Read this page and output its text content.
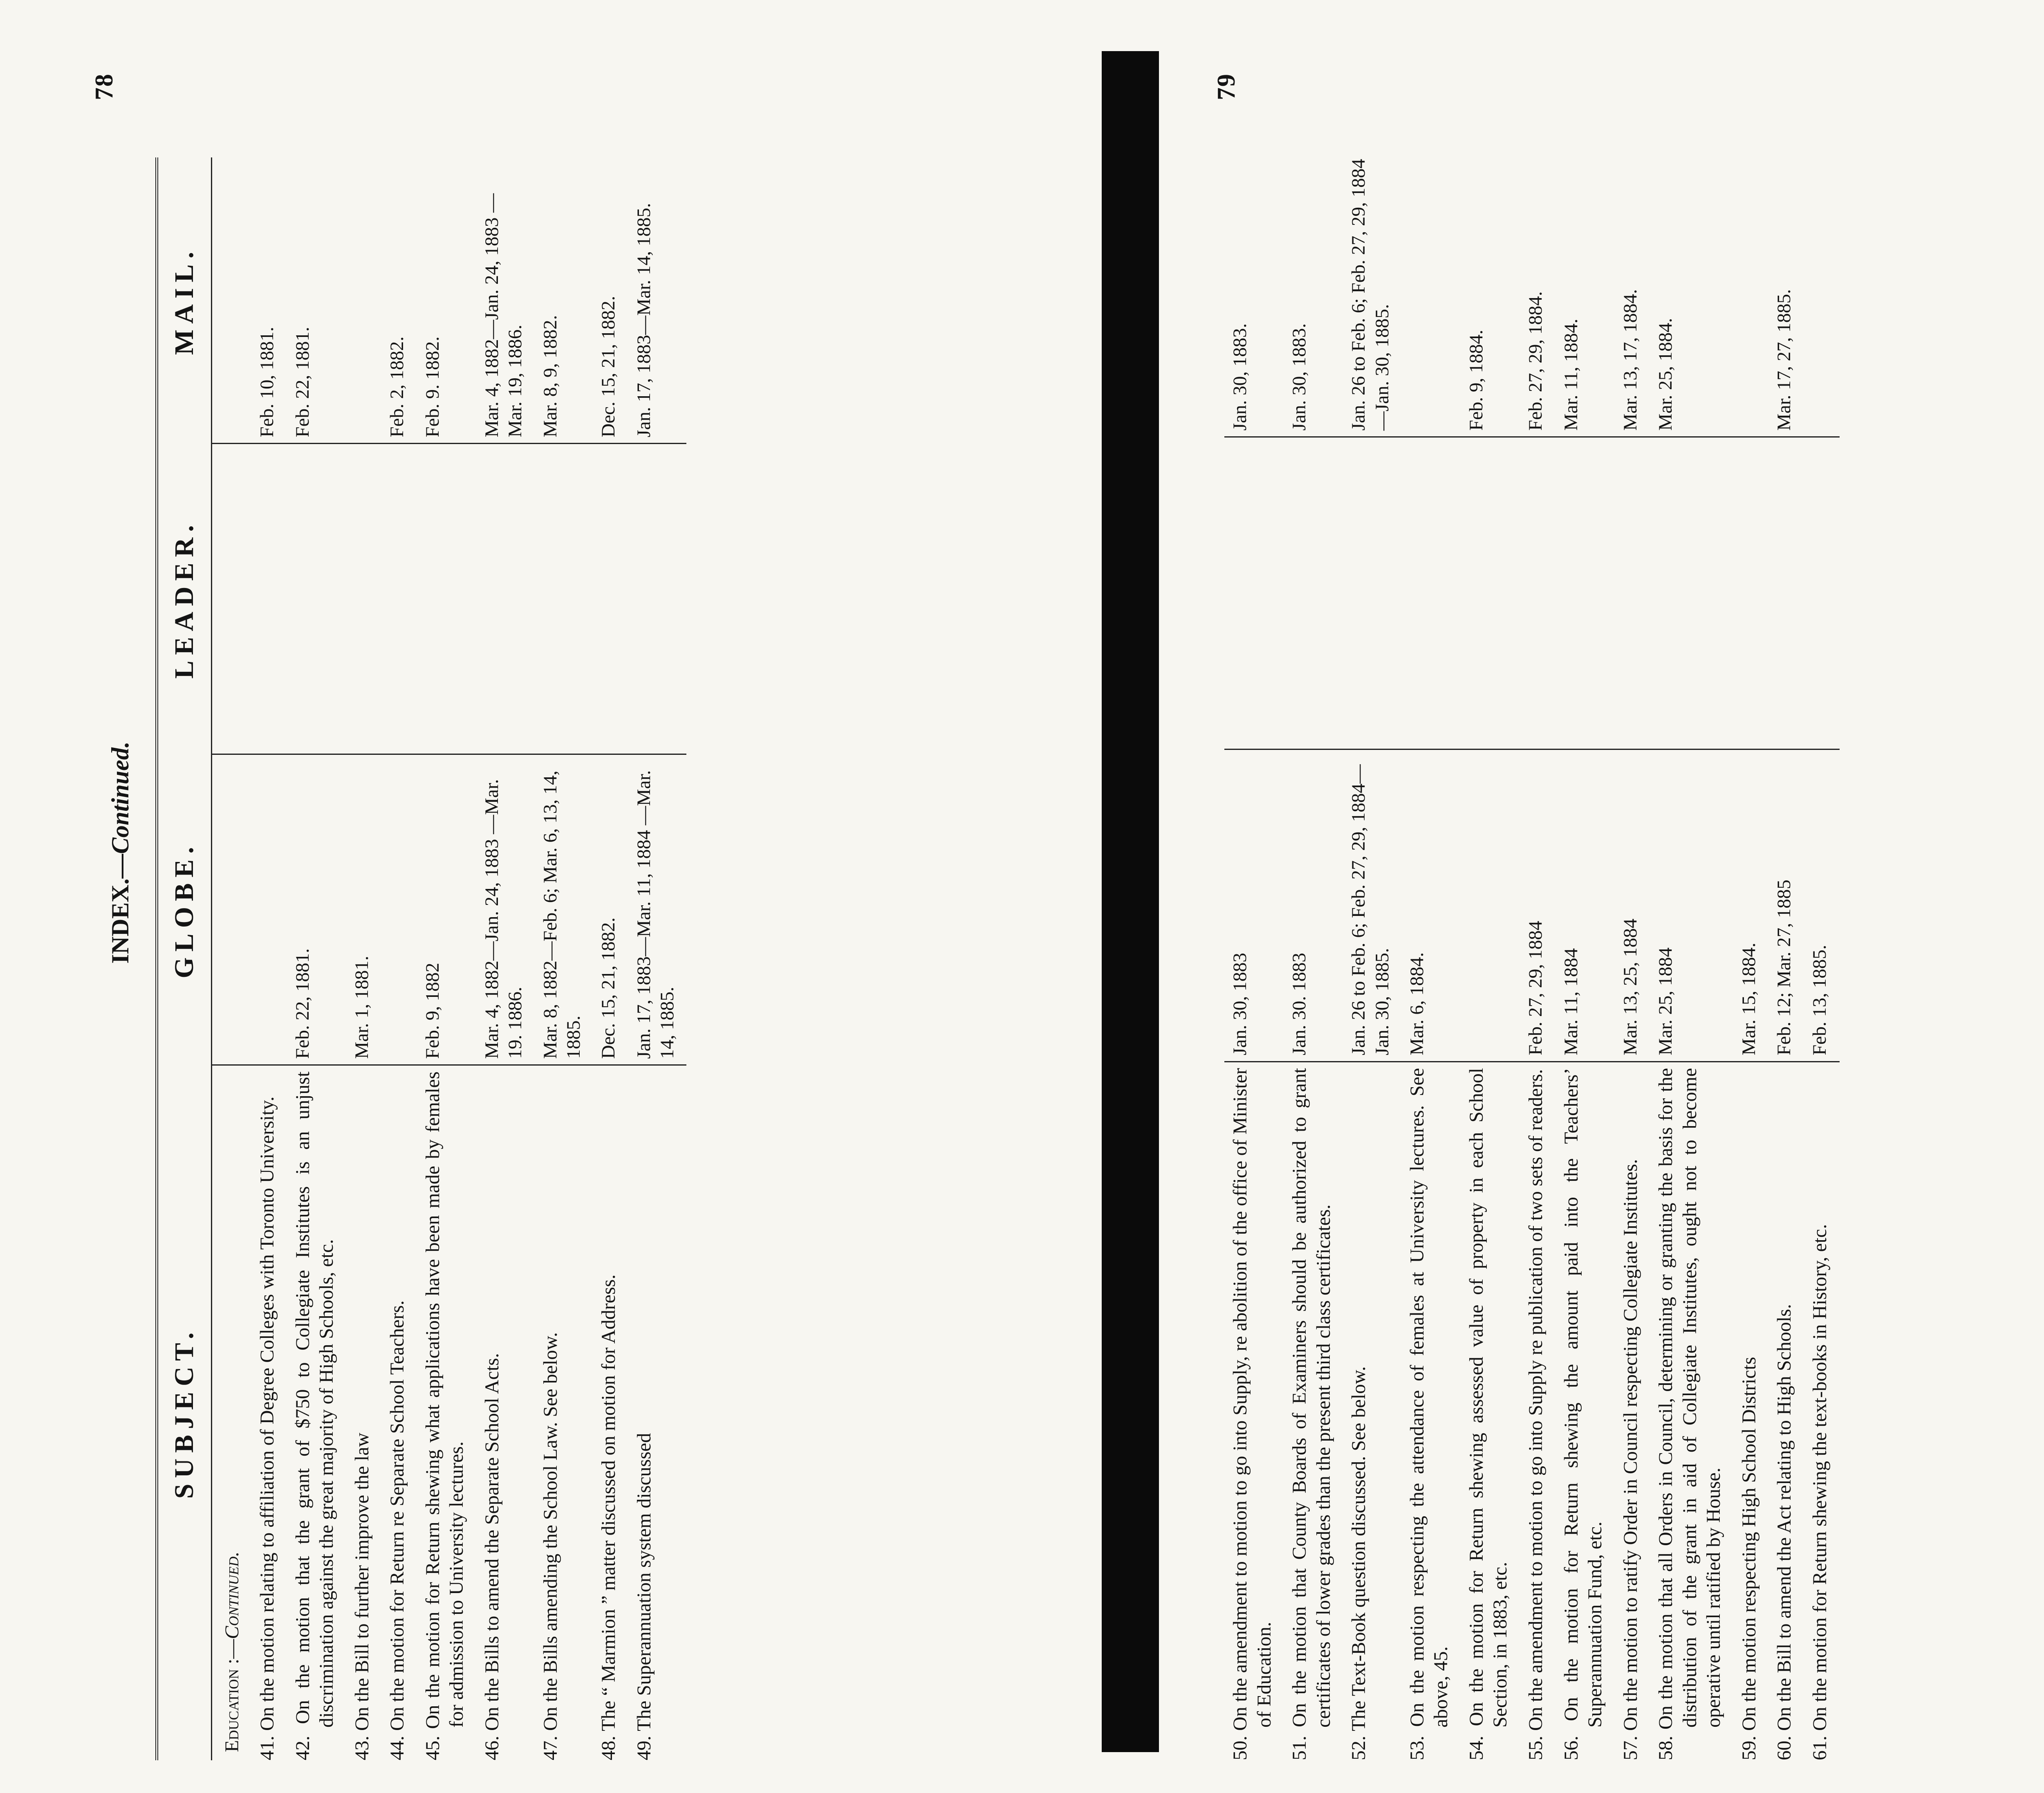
78
INDEX.—Continued.
SUBJECT.	GLOBE.	LEADER.	MAIL.
Education :—Continued.			
41. On the motion relating to affiliation of Degree Colleges with Toronto University.			Feb. 10, 1881.
42. On the motion that the grant of $750 to Collegiate Institutes is an unjust discrimination against the great majority of High Schools, etc.	Feb. 22, 1881.		Feb. 22, 1881.
43. On the Bill to further improve the law	Mar. 1, 1881.		
44. On the motion for Return re Separate School Teachers.			Feb. 2, 1882.
45. On the motion for Return shewing what applications have been made by females for admission to University lectures.	Feb. 9, 1882		Feb. 9. 1882.
46. On the Bills to amend the Separate School Acts.	Mar. 4, 1882—Jan. 24, 1883 —Mar. 19. 1886.		Mar. 4, 1882—Jan. 24, 1883 —Mar. 19, 1886.
47. On the Bills amending the School Law. See below.	Mar. 8, 1882—Feb. 6; Mar. 6, 13, 14, 1885.		Mar. 8, 9, 1882.
48. The “ Marmion ” matter discussed on motion for Address.	Dec. 15, 21, 1882.		Dec. 15, 21, 1882.
49. The Superannuation system discussed	Jan. 17, 1883—Mar. 11, 1884 —Mar. 14, 1885.		Jan. 17, 1883—Mar. 14, 1885.
79
50. On the amendment to motion to go into Supply, re abolition of the office of Minister of Education.	Jan. 30, 1883		Jan. 30, 1883.
51. On the motion that County Boards of Examiners should be authorized to grant certificates of lower grades than the present third class certificates.	Jan. 30. 1883		Jan. 30, 1883.
52. The Text-Book question discussed. See below.	Jan. 26 to Feb. 6; Feb. 27, 29, 1884—Jan. 30, 1885.		Jan. 26 to Feb. 6; Feb. 27, 29, 1884—Jan. 30, 1885.
53. On the motion respecting the attendance of females at University lectures. See above, 45.	Mar. 6, 1884.		
54. On the motion for Return shewing assessed value of property in each School Section, in 1883, etc.			Feb. 9, 1884.
55. On the amendment to motion to go into Supply re publication of two sets of readers.	Feb. 27, 29, 1884		Feb. 27, 29, 1884.
56. On the motion for Return shewing the amount paid into the Teachers’ Superannuation Fund, etc.	Mar. 11, 1884		Mar. 11, 1884.
57. On the motion to ratify Order in Council respecting Collegiate Institutes.	Mar. 13, 25, 1884		Mar. 13, 17, 1884.
58. On the motion that all Orders in Council, determining or granting the basis for the distribution of the grant in aid of Collegiate Institutes, ought not to become operative until ratified by House.	Mar. 25, 1884		Mar. 25, 1884.
59. On the motion respecting High School Districts	Mar. 15, 1884.		
60. On the Bill to amend the Act relating to High Schools.	Feb. 12; Mar. 27, 1885		Mar. 17, 27, 1885.
61. On the motion for Return shewing the text-books in History, etc.	Feb. 13, 1885.		
